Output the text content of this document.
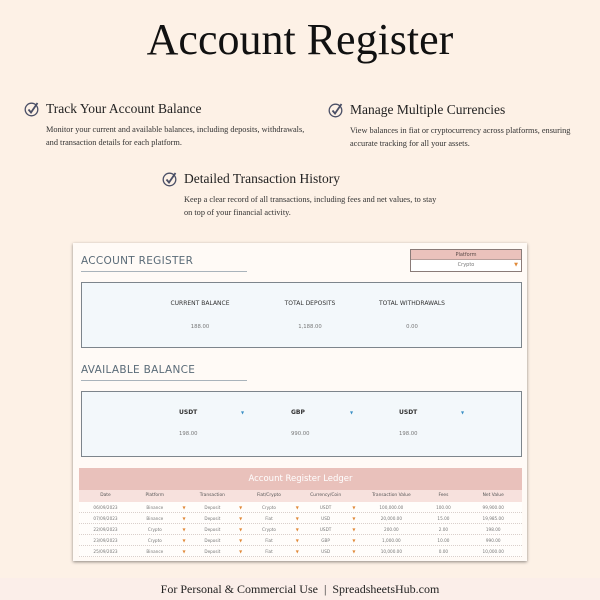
Account Register
Track Your Account Balance
Monitor your current and available balances, including deposits, withdrawals,
and transaction details for each platform.
Manage Multiple Currencies
View balances in fiat or cryptocurrency across platforms, ensuring
accurate tracking for all your assets.
Detailed Transaction History
Keep a clear record of all transactions, including fees and net values, to stay
on top of your financial activity.
ACCOUNT REGISTER	Platform
Crypto	▼
CURRENT BALANCE
188.00
TOTAL DEPOSITS
1,188.00
TOTAL WITHDRAWALS
0.00
AVAILABLE BALANCE
USDT	▼
198.00
GBP	▼
990.00
USDT	▼
198.00
Account Register Ledger
Date	Platform	Transaction	Fiat/Crypto	Currency/Coin	Transaction Value	Fees	Net Value
06/09/2023	Binance	▼	Deposit	▼	Crypto	▼	USDT	▼	100,000.00	100.00	99,900.00
07/09/2023	Binance	▼	Deposit	▼	Fiat	▼	USD	▼	20,000.00	15.00	19,985.00
22/09/2023	Crypto	▼	Deposit	▼	Crypto	▼	USDT	▼	200.00	2.00	198.00
23/09/2023	Crypto	▼	Deposit	▼	Fiat	▼	GBP	▼	1,000.00	10.00	990.00
25/09/2023	Binance	▼	Deposit	▼	Fiat	▼	USD	▼	10,000.00	0.00	10,000.00
For Personal & Commercial Use  |  SpreadsheetsHub.com
